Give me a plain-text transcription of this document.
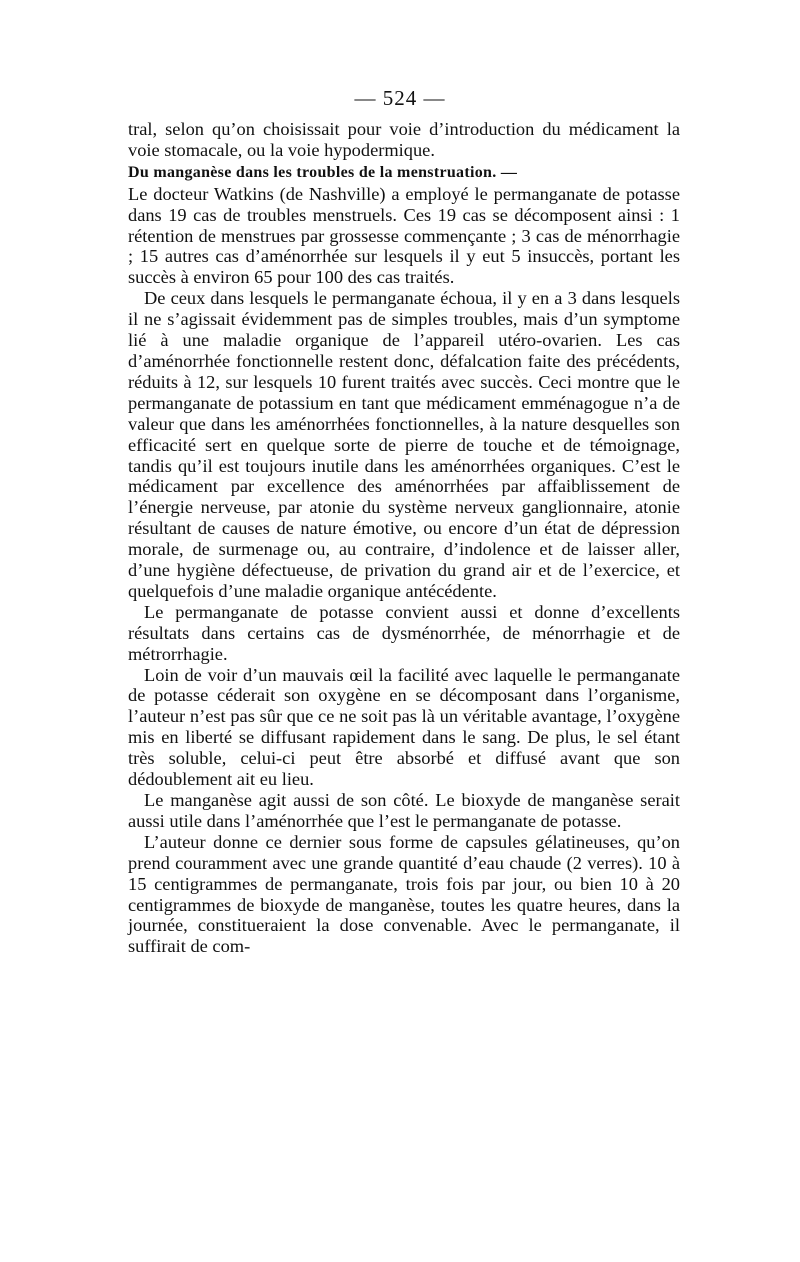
— 524 —

tral, selon qu’on choisissait pour voie d’introduction du médicament la voie stomacale, ou la voie hypodermique.

Du manganèse dans les troubles de la menstruation. —
Le docteur Watkins (de Nashville) a employé le permanganate de potasse dans 19 cas de troubles menstruels. Ces 19 cas se décomposent ainsi : 1 rétention de menstrues par grossesse commençante ; 3 cas de ménorrhagie ; 15 autres cas d’aménorrhée sur lesquels il y eut 5 insuccès, portant les succès à environ 65 pour 100 des cas traités.

De ceux dans lesquels le permanganate échoua, il y en a 3 dans lesquels il ne s’agissait évidemment pas de simples troubles, mais d’un symptome lié à une maladie organique de l’appareil utéro-ovarien. Les cas d’aménorrhée fonctionnelle restent donc, défalcation faite des précédents, réduits à 12, sur lesquels 10 furent traités avec succès. Ceci montre que le permanganate de potassium en tant que médicament emménagogue n’a de valeur que dans les aménorrhées fonctionnelles, à la nature desquelles son efficacité sert en quelque sorte de pierre de touche et de témoignage, tandis qu’il est toujours inutile dans les aménorrhées organiques. C’est le médicament par excellence des aménorrhées par affaiblissement de l’énergie nerveuse, par atonie du système nerveux ganglionnaire, atonie résultant de causes de nature émotive, ou encore d’un état de dépression morale, de surmenage ou, au contraire, d’indolence et de laisser aller, d’une hygiène défectueuse, de privation du grand air et de l’exercice, et quelquefois d’une maladie organique antécédente.

Le permanganate de potasse convient aussi et donne d’excellents résultats dans certains cas de dysménorrhée, de ménorrhagie et de métrorrhagie.

Loin de voir d’un mauvais œil la facilité avec laquelle le permanganate de potasse céderait son oxygène en se décomposant dans l’organisme, l’auteur n’est pas sûr que ce ne soit pas là un véritable avantage, l’oxygène mis en liberté se diffusant rapidement dans le sang. De plus, le sel étant très soluble, celui-ci peut être absorbé et diffusé avant que son dédoublement ait eu lieu.

Le manganèse agit aussi de son côté. Le bioxyde de manganèse serait aussi utile dans l’aménorrhée que l’est le permanganate de potasse.

L’auteur donne ce dernier sous forme de capsules gélatineuses, qu’on prend couramment avec une grande quantité d’eau chaude (2 verres). 10 à 15 centigrammes de permanganate, trois fois par jour, ou bien 10 à 20 centigrammes de bioxyde de manganèse, toutes les quatre heures, dans la journée, constitueraient la dose convenable. Avec le permanganate, il suffirait de com-
